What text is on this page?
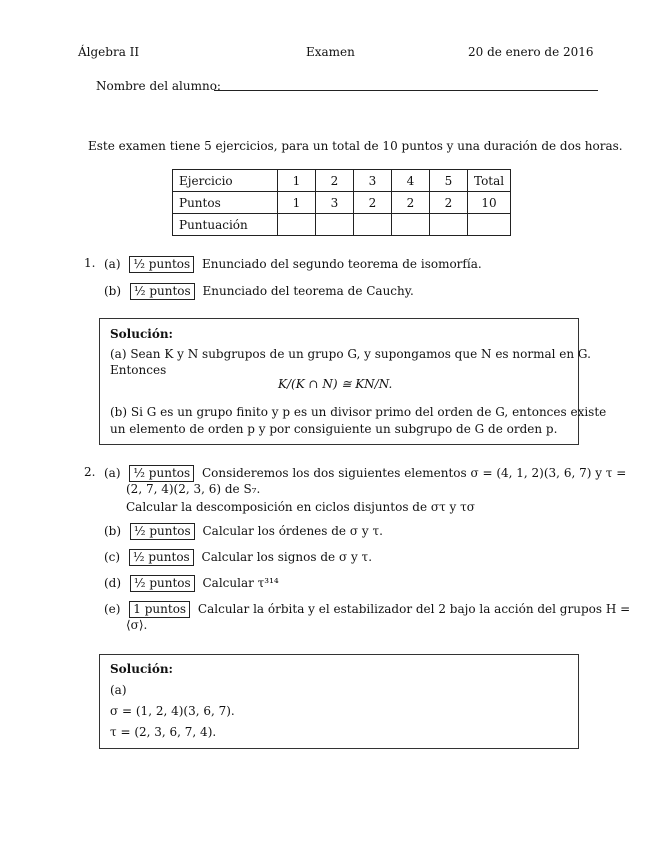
Álgebra II	Examen	20 de enero de 2016
Nombre del alumno:
Este examen tiene 5 ejercicios, para un total de 10 puntos y una duración de dos horas.
Ejercicio	1	2	3	4	5	Total
Puntos	1	3	2	2	2	10
Puntuación						
1. (a) ½ puntos Enunciado del segundo teorema de isomorfía.
(b) ½ puntos Enunciado del teorema de Cauchy.
Solución:
(a) Sean K y N subgrupos de un grupo G, y supongamos que N es normal en G.
Entonces
K/(K ∩ N) ≅ KN/N.
(b) Si G es un grupo finito y p es un divisor primo del orden de G, entonces existe
un elemento de orden p y por consiguiente un subgrupo de G de orden p.
2. (a) ½ puntos Consideremos los dos siguientes elementos σ = (4, 1, 2)(3, 6, 7) y τ =
(2, 7, 4)(2, 3, 6) de S₇.
Calcular la descomposición en ciclos disjuntos de στ y τσ
(b) ½ puntos Calcular los órdenes de σ y τ.
(c) ½ puntos Calcular los signos de σ y τ.
(d) ½ puntos Calcular τ³¹⁴
(e) 1 puntos Calcular la órbita y el estabilizador del 2 bajo la acción del grupos H =
⟨σ⟩.
Solución:
(a)
σ = (1, 2, 4)(3, 6, 7).
τ = (2, 3, 6, 7, 4).
